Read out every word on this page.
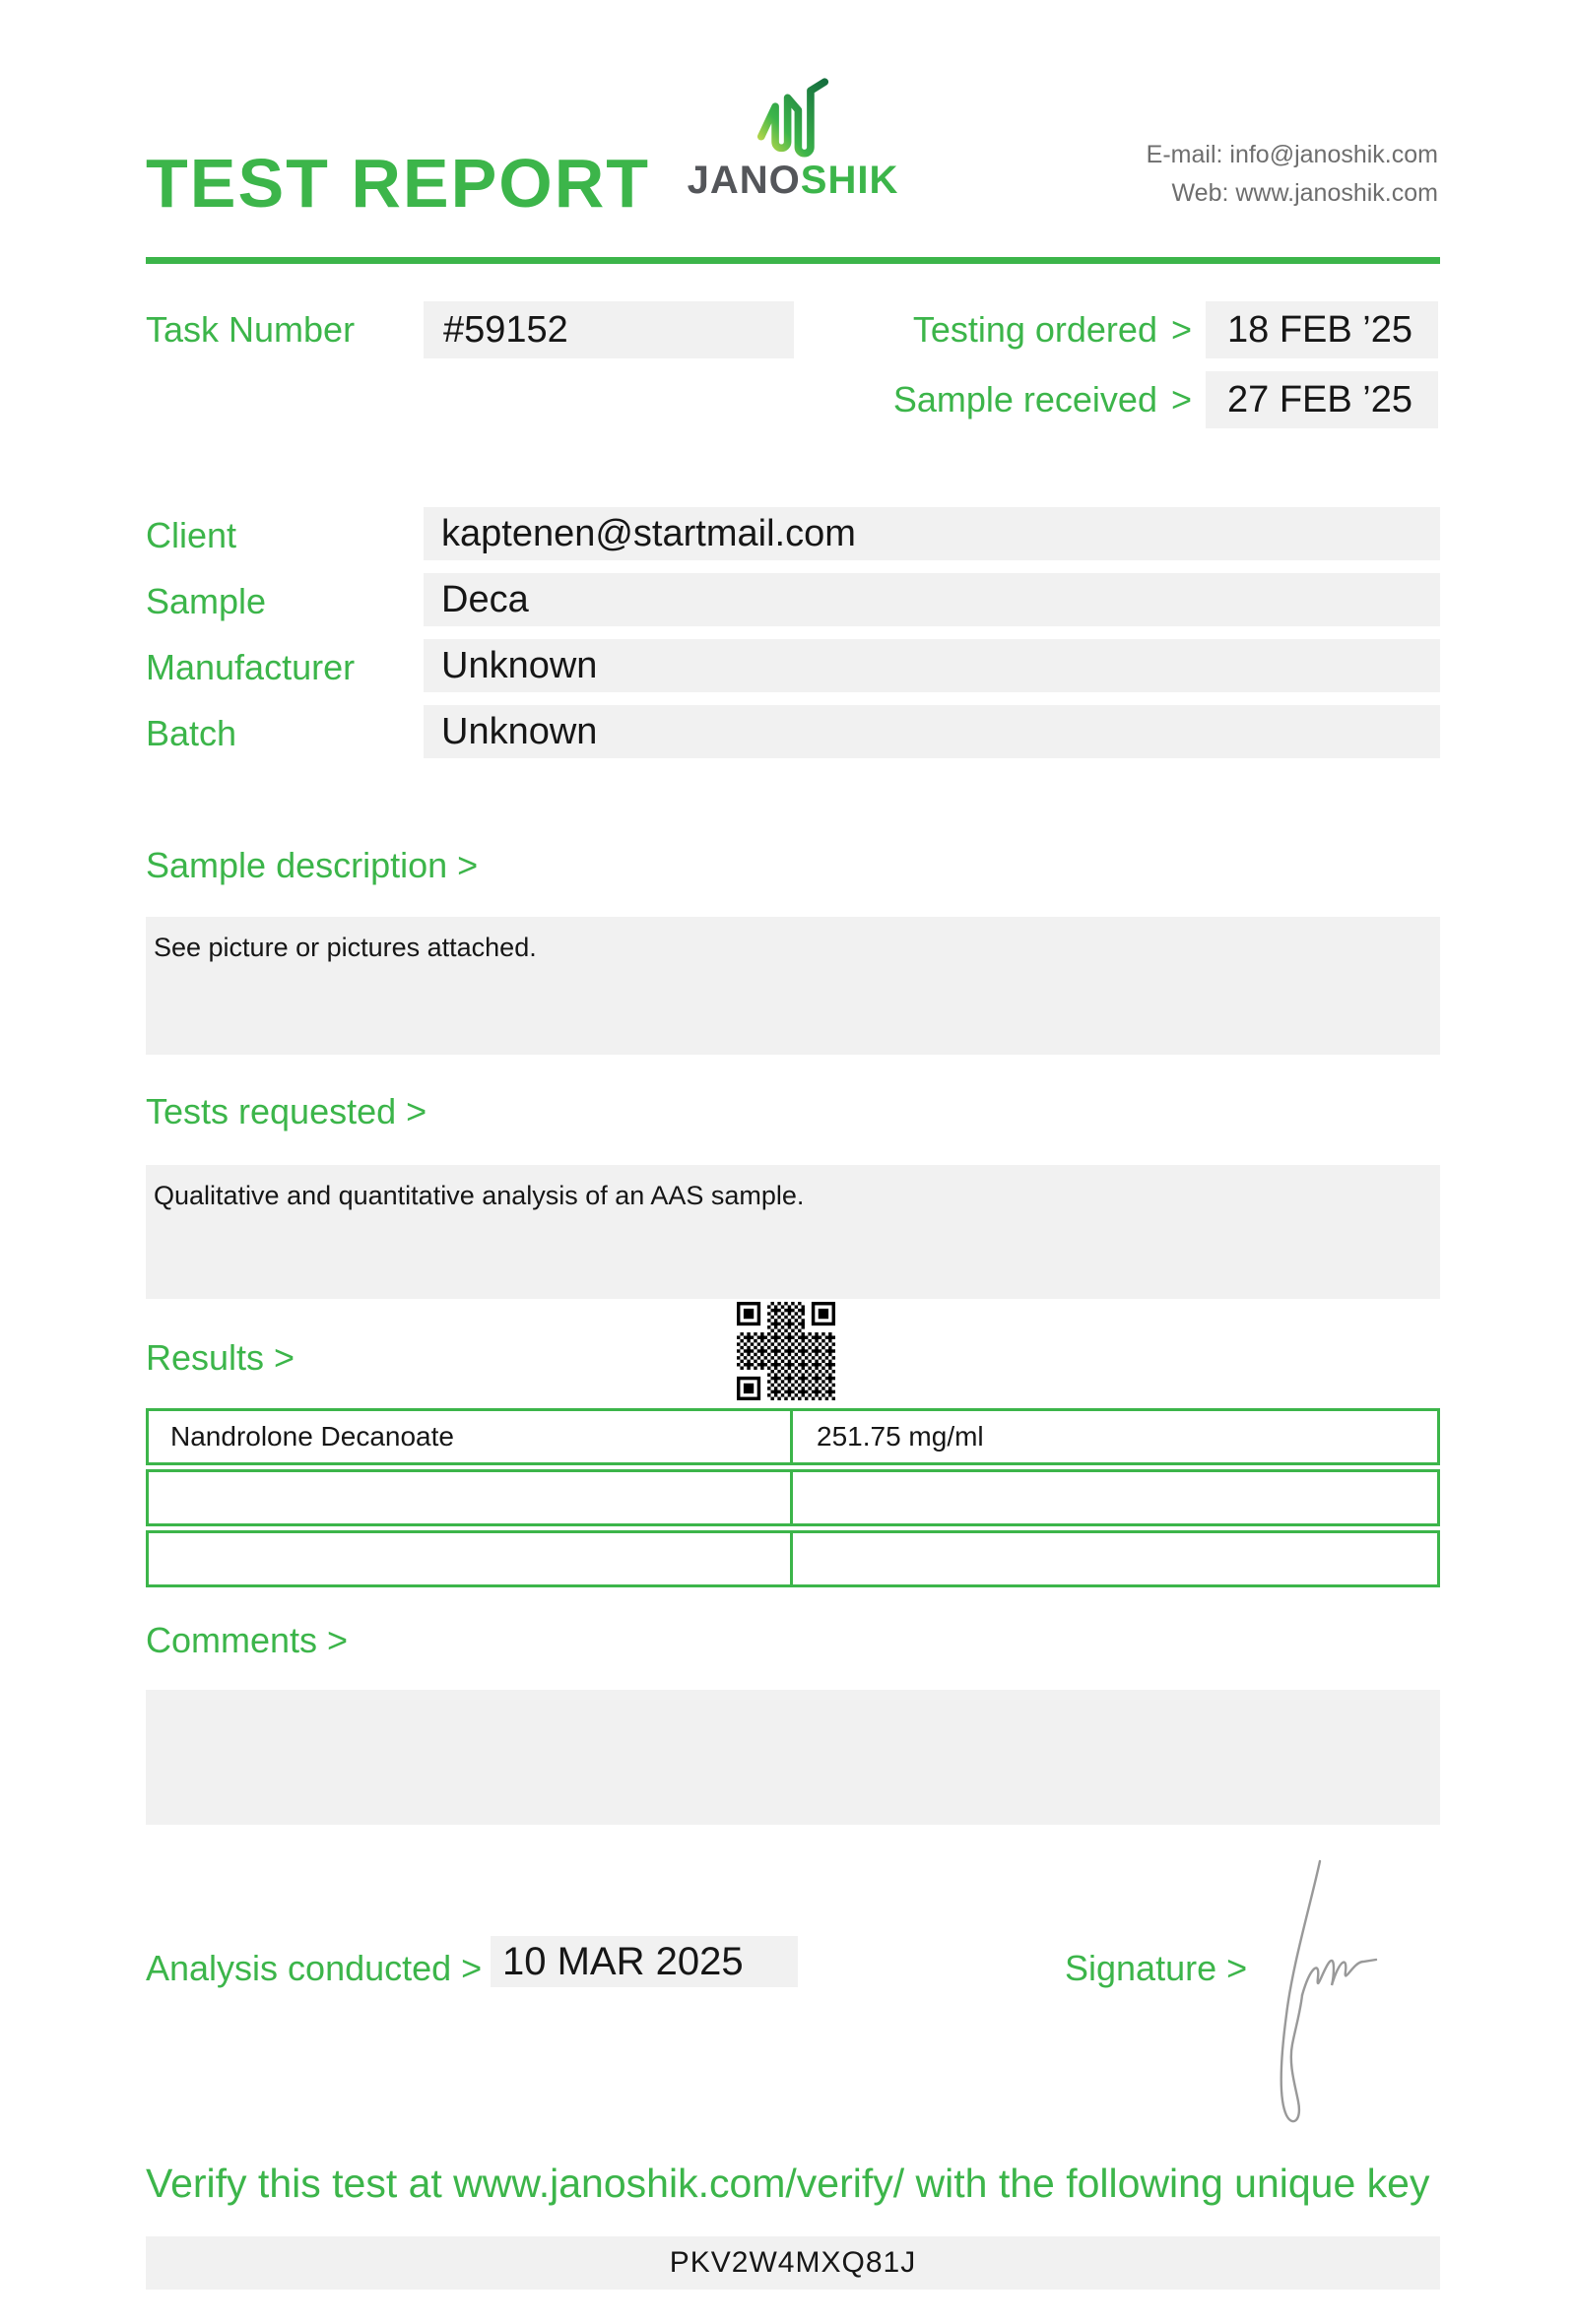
TEST REPORT JANOSHIK
E-mail: info@janoshik.com
Web: www.janoshik.com
Task Number	#59152	Testing ordered > 18 FEB ’25
Sample received > 27 FEB ’25
Client	kaptenen@startmail.com
Sample	Deca
Manufacturer	Unknown
Batch	Unknown
Sample description >
See picture or pictures attached.
Tests requested >
Qualitative and quantitative analysis of an AAS sample.
Results >
Nandrolone Decanoate	251.75 mg/ml
Comments >
Analysis conducted > 10 MAR 2025	Signature >
Verify this test at www.janoshik.com/verify/ with the following unique key
PKV2W4MXQ81J
